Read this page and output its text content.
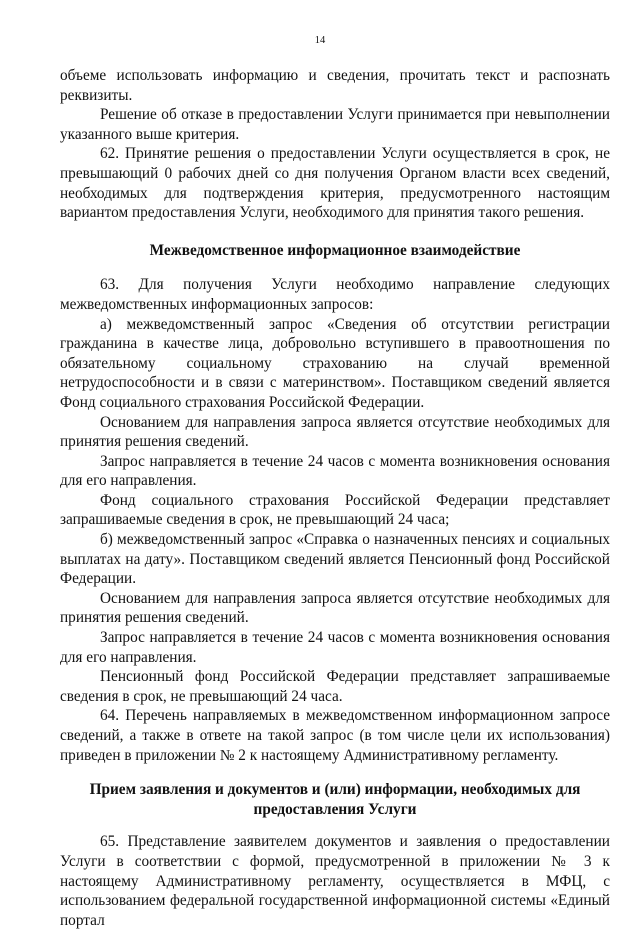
14

объеме использовать информацию и сведения, прочитать текст и распознать реквизиты.

Решение об отказе в предоставлении Услуги принимается при невыполнении указанного выше критерия.

62. Принятие решения о предоставлении Услуги осуществляется в срок, не превышающий 0 рабочих дней со дня получения Органом власти всех сведений, необходимых для подтверждения критерия, предусмотренного настоящим вариантом предоставления Услуги, необходимого для принятия такого решения.

Межведомственное информационное взаимодействие

63. Для получения Услуги необходимо направление следующих межведомственных информационных запросов:

а) межведомственный запрос «Сведения об отсутствии регистрации гражданина в качестве лица, добровольно вступившего в правоотношения по обязательному социальному страхованию на случай временной нетрудоспособности и в связи с материнством». Поставщиком сведений является Фонд социального страхования Российской Федерации.

Основанием для направления запроса является отсутствие необходимых для принятия решения сведений.

Запрос направляется в течение 24 часов с момента возникновения основания для его направления.

Фонд социального страхования Российской Федерации представляет запрашиваемые сведения в срок, не превышающий 24 часа;

б) межведомственный запрос «Справка о назначенных пенсиях и социальных выплатах на дату». Поставщиком сведений является Пенсионный фонд Российской Федерации.

Основанием для направления запроса является отсутствие необходимых для принятия решения сведений.

Запрос направляется в течение 24 часов с момента возникновения основания для его направления.

Пенсионный фонд Российской Федерации представляет запрашиваемые сведения в срок, не превышающий 24 часа.

64. Перечень направляемых в межведомственном информационном запросе сведений, а также в ответе на такой запрос (в том числе цели их использования) приведен в приложении № 2 к настоящему Административному регламенту.

Прием заявления и документов и (или) информации, необходимых для
предоставления Услуги

65. Представление заявителем документов и заявления о предоставлении Услуги в соответствии с формой, предусмотренной в приложении № 3 к настоящему Административному регламенту, осуществляется в МФЦ, с использованием федеральной государственной информационной системы «Единый портал
